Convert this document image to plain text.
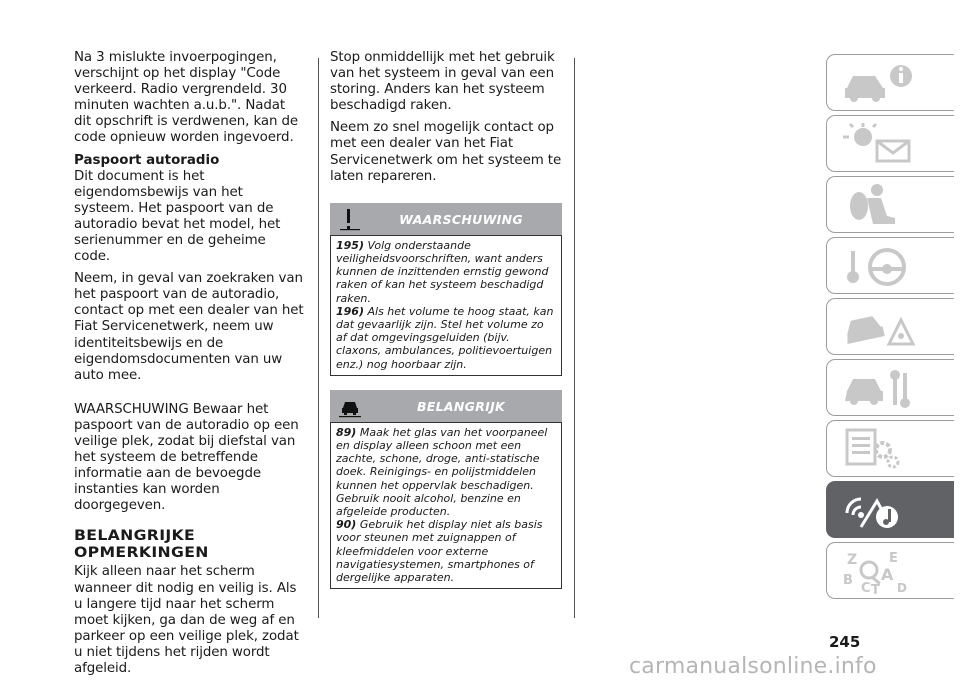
Na 3 mislukte invoerpogingen, verschijnt op het display "Code verkeerd. Radio vergrendeld. 30 minuten wachten a.u.b.". Nadat dit opschrift is verdwenen, kan de code opnieuw worden ingevoerd.

Paspoort autoradio

Dit document is het eigendomsbewijs van het systeem. Het paspoort van de autoradio bevat het model, het serienummer en de geheime code.

Neem, in geval van zoekraken van het paspoort van de autoradio, contact op met een dealer van het Fiat Servicenetwerk, neem uw identiteitsbewijs en de eigendomsdocumenten van uw auto mee.

WAARSCHUWING Bewaar het paspoort van de autoradio op een veilige plek, zodat bij diefstal van het systeem de betreffende informatie aan de bevoegde instanties kan worden doorgegeven.

BELANGRIJKE OPMERKINGEN

Kijk alleen naar het scherm wanneer dit nodig en veilig is. Als u langere tijd naar het scherm moet kijken, ga dan de weg af en parkeer op een veilige plek, zodat u niet tijdens het rijden wordt afgeleid.

Stop onmiddellijk met het gebruik van het systeem in geval van een storing. Anders kan het systeem beschadigd raken.

Neem zo snel mogelijk contact op met een dealer van het Fiat Servicenetwerk om het systeem te laten repareren.

WAARSCHUWING

195) Volg onderstaande veiligheidsvoorschriften, want anders kunnen de inzittenden ernstig gewond raken of kan het systeem beschadigd raken.

196) Als het volume te hoog staat, kan dat gevaarlijk zijn. Stel het volume zo af dat omgevingsgeluiden (bijv. claxons, ambulances, politievoertuigen enz.) nog hoorbaar zijn.

BELANGRIJK

89) Maak het glas van het voorpaneel en display alleen schoon met een zachte, schone, droge, anti-statische doek. Reinigings- en polijstmiddelen kunnen het oppervlak beschadigen. Gebruik nooit alcohol, benzine en afgeleide producten.

90) Gebruik het display niet als basis voor steunen met zuignappen of kleefmiddelen voor externe navigatiesystemen, smartphones of dergelijke apparaten.

Z E
B A
C T D
245
carmanualsonline.info
